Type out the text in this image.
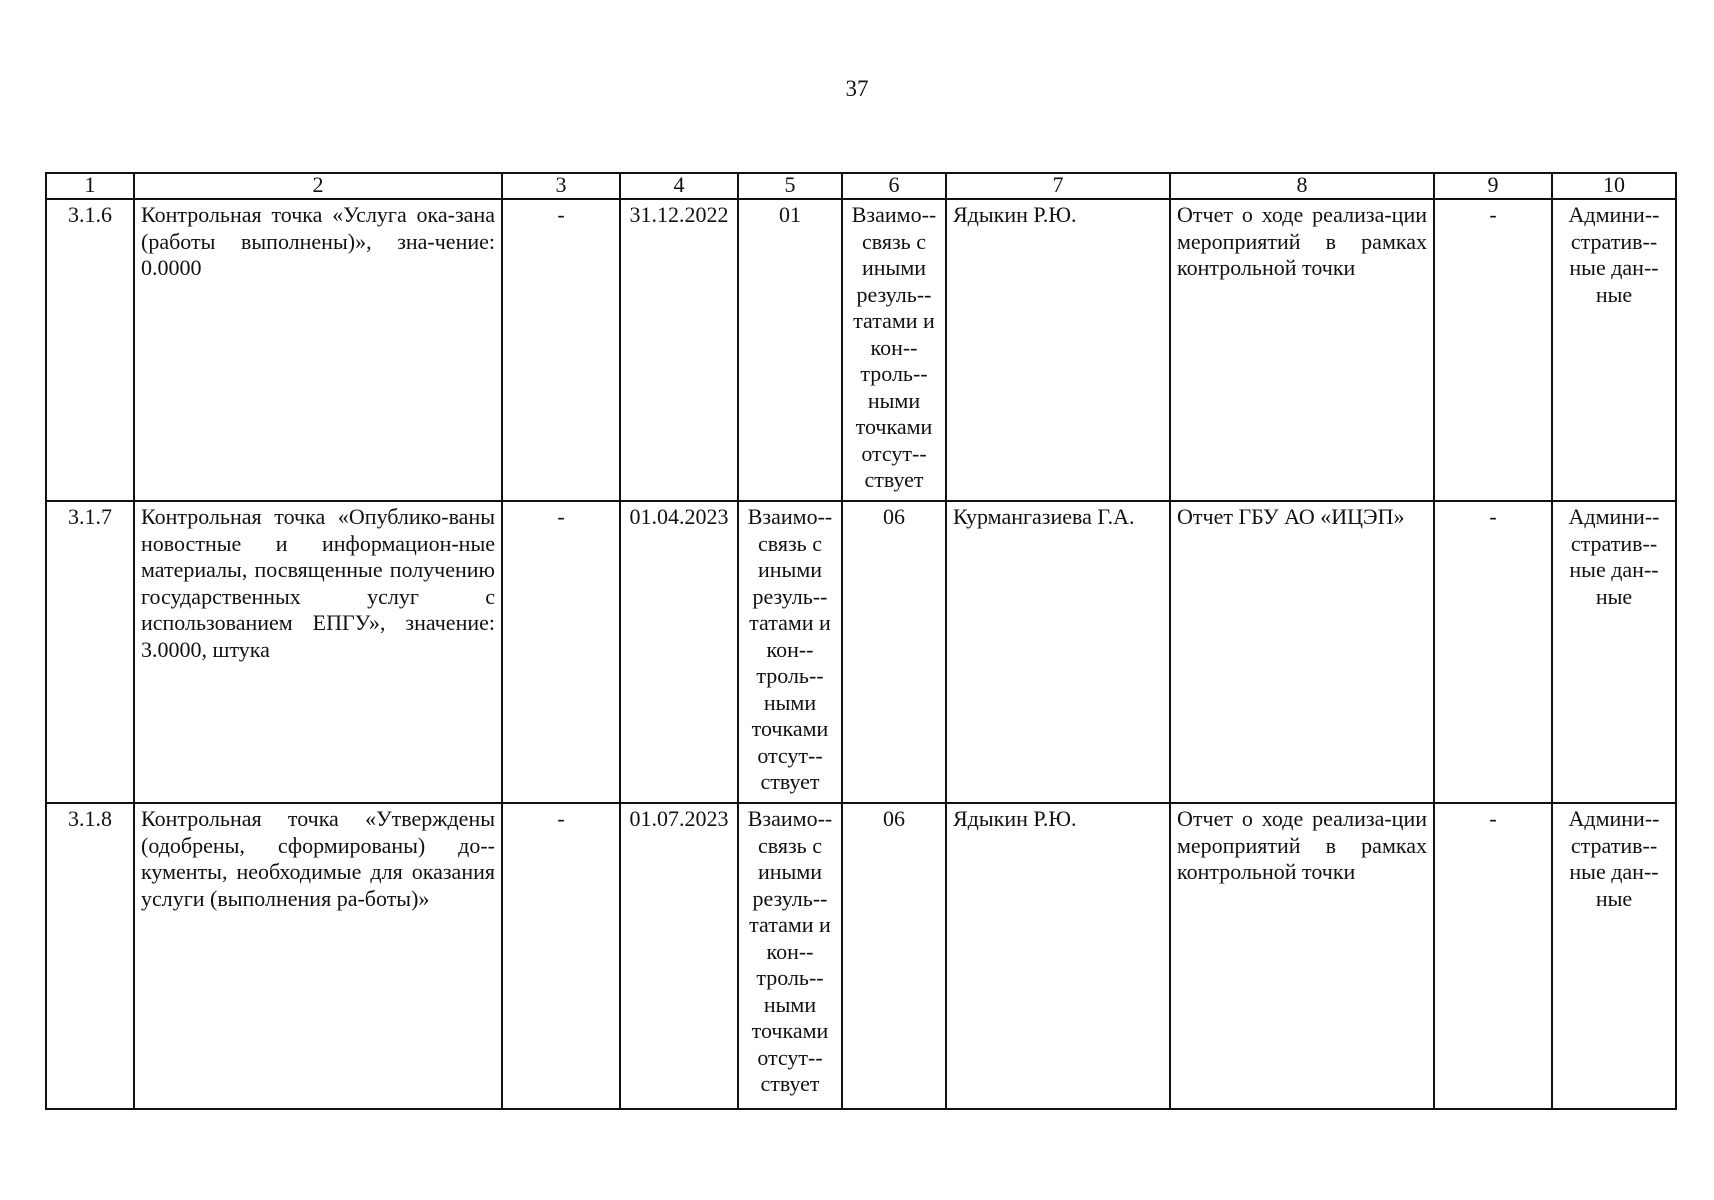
37
1	2	3	4	5	6	7	8	9	10
3.1.6	Контрольная точка «Услуга ока-зана (работы выполнены)», зна-чение: 0.0000	-	31.12.2022	01	Взаимо-связь с иными резуль-татами и кон-троль-ными точками отсут-ствует	Ядыкин Р.Ю.	Отчет о ходе реализа-ции мероприятий в рамках контрольной точки	-	Админи-стратив-ные дан-ные
3.1.7	Контрольная точка «Опублико-ваны новостные и информацион-ные материалы, посвященные получению государственных услуг с использованием ЕПГУ», значение: 3.0000, штука	-	01.04.2023	Взаимо-связь с иными резуль-татами и кон-троль-ными точками отсут-ствует	06	Курмангазиева Г.А.	Отчет ГБУ АО «ИЦЭП»	-	Админи-стратив-ные дан-ные
3.1.8	Контрольная точка «Утверждены (одобрены, сформированы) до-кументы, необходимые для оказания услуги (выполнения ра-боты)»	-	01.07.2023	Взаимо-связь с иными резуль-татами и кон-троль-ными точками отсут-ствует	06	Ядыкин Р.Ю.	Отчет о ходе реализа-ции мероприятий в рамках контрольной точки	-	Админи-стратив-ные дан-ные
